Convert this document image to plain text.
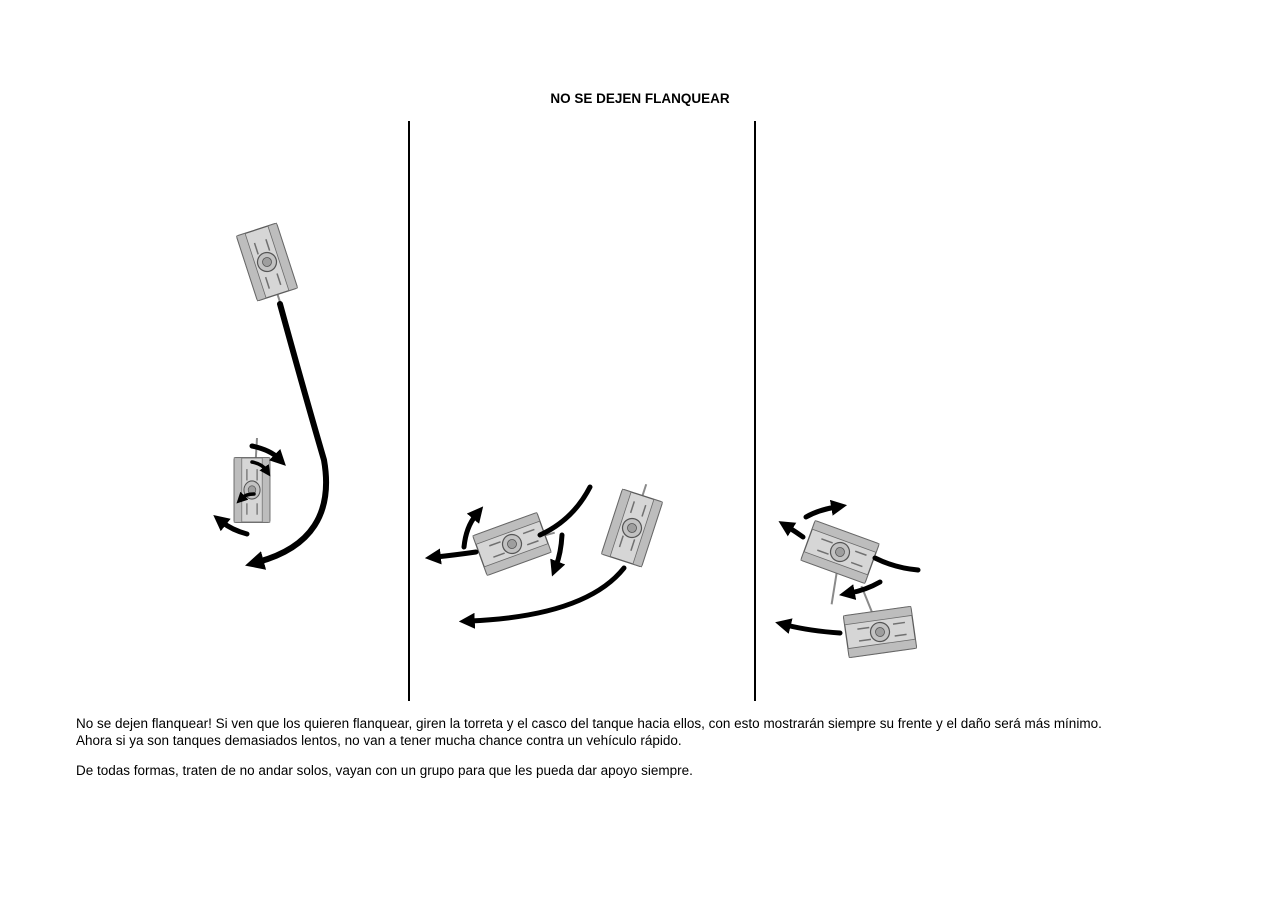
NO SE DEJEN FLANQUEAR
No se dejen flanquear! Si ven que los quieren flanquear, giren la torreta y el casco del tanque hacia ellos, con esto mostrarán siempre su frente y el daño será más mínimo.
Ahora si ya son tanques demasiados lentos, no van a tener mucha chance contra un vehículo rápido.
De todas formas, traten de no andar solos, vayan con un grupo para que les pueda dar apoyo siempre.
